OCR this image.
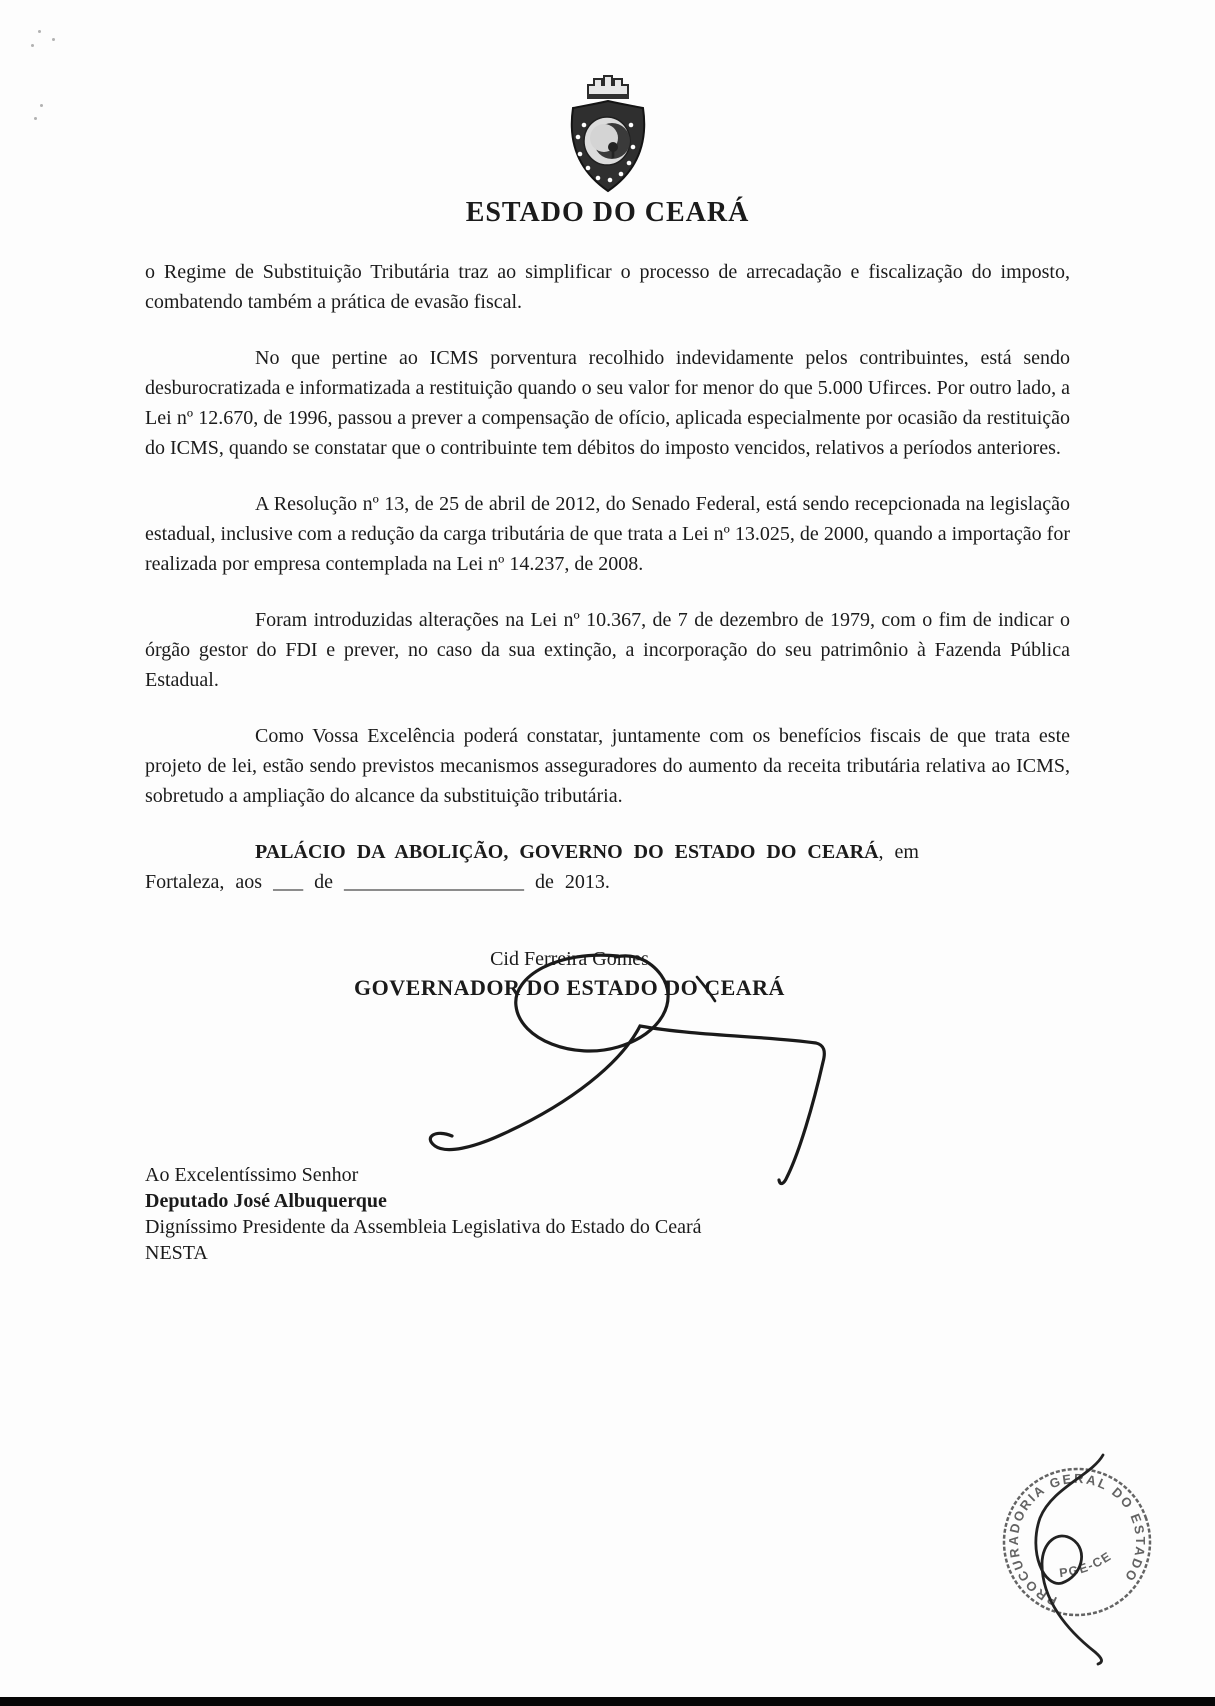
ESTADO DO CEARÁ

o Regime de Substituição Tributária traz ao simplificar o processo de arrecadação e fiscalização do imposto, combatendo também a prática de evasão fiscal.

No que pertine ao ICMS porventura recolhido indevidamente pelos contribuintes, está sendo desburocratizada e informatizada a restituição quando o seu valor for menor do que 5.000 Ufirces. Por outro lado, a Lei nº 12.670, de 1996, passou a prever a compensação de ofício, aplicada especialmente por ocasião da restituição do ICMS, quando se constatar que o contribuinte tem débitos do imposto vencidos, relativos a períodos anteriores.

A Resolução nº 13, de 25 de abril de 2012, do Senado Federal, está sendo recepcionada na legislação estadual, inclusive com a redução da carga tributária de que trata a Lei nº 13.025, de 2000, quando a importação for realizada por empresa contemplada na Lei nº 14.237, de 2008.

Foram introduzidas alterações na Lei nº 10.367, de 7 de dezembro de 1979, com o fim de indicar o órgão gestor do FDI e prever, no caso da sua extinção, a incorporação do seu patrimônio à Fazenda Pública Estadual.

Como Vossa Excelência poderá constatar, juntamente com os benefícios fiscais de que trata este projeto de lei, estão sendo previstos mecanismos asseguradores do aumento da receita tributária relativa ao ICMS, sobretudo a ampliação do alcance da substituição tributária.

PALÁCIO DA ABOLIÇÃO, GOVERNO DO ESTADO DO CEARÁ, em
Fortaleza, aos ___ de __________________ de 2013.

Cid Ferreira Gomes
GOVERNADOR DO ESTADO DO CEARÁ
Ao Excelentíssimo Senhor
Deputado José Albuquerque
Digníssimo Presidente da Assembleia Legislativa do Estado do Ceará
NESTA
PROCURADORIA GERAL DO ESTADO
PGE-CE
